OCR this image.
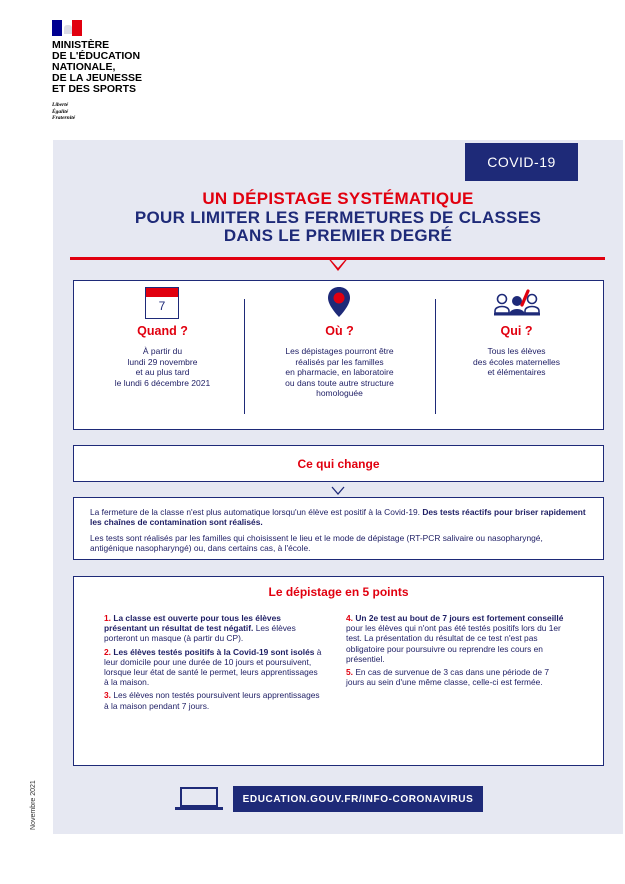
MINISTÈRE
DE L'ÉDUCATION
NATIONALE,
DE LA JEUNESSE
ET DES SPORTS
Liberté
Égalité
Fraternité
Novembre 2021
COVID-19
UN DÉPISTAGE SYSTÉMATIQUE
POUR LIMITER LES FERMETURES DE CLASSES
DANS LE PREMIER DEGRÉ
7
Quand ?
À partir du
lundi 29 novembre
et au plus tard
le lundi 6 décembre 2021
Où ?
Les dépistages pourront être
réalisés par les familles
en pharmacie, en laboratoire
ou dans toute autre structure
homologuée
Qui ?
Tous les élèves
des écoles maternelles
et élémentaires
Ce qui change
La fermeture de la classe n'est plus automatique lorsqu'un élève est positif à la Covid-19. Des tests réactifs pour briser rapidement les chaînes de contamination sont réalisés.
Les tests sont réalisés par les familles qui choisissent le lieu et le mode de dépistage (RT-PCR salivaire ou nasopharyngé, antigénique nasopharyngé) ou, dans certains cas, à l'école.
Le dépistage en 5 points
1. La classe est ouverte pour tous les élèves présentant un résultat de test négatif. Les élèves porteront un masque (à partir du CP).
2. Les élèves testés positifs à la Covid-19 sont isolés à leur domicile pour une durée de 10 jours et poursuivent, lorsque leur état de santé le permet, leurs apprentissages à la maison.
3. Les élèves non testés poursuivent leurs apprentissages à la maison pendant 7 jours.
4. Un 2e test au bout de 7 jours est fortement conseillé pour les élèves qui n'ont pas été testés positifs lors du 1er test. La présentation du résultat de ce test n'est pas obligatoire pour poursuivre ou reprendre les cours en présentiel.
5. En cas de survenue de 3 cas dans une période de 7 jours au sein d'une même classe, celle-ci est fermée.
EDUCATION.GOUV.FR/INFO-CORONAVIRUS
